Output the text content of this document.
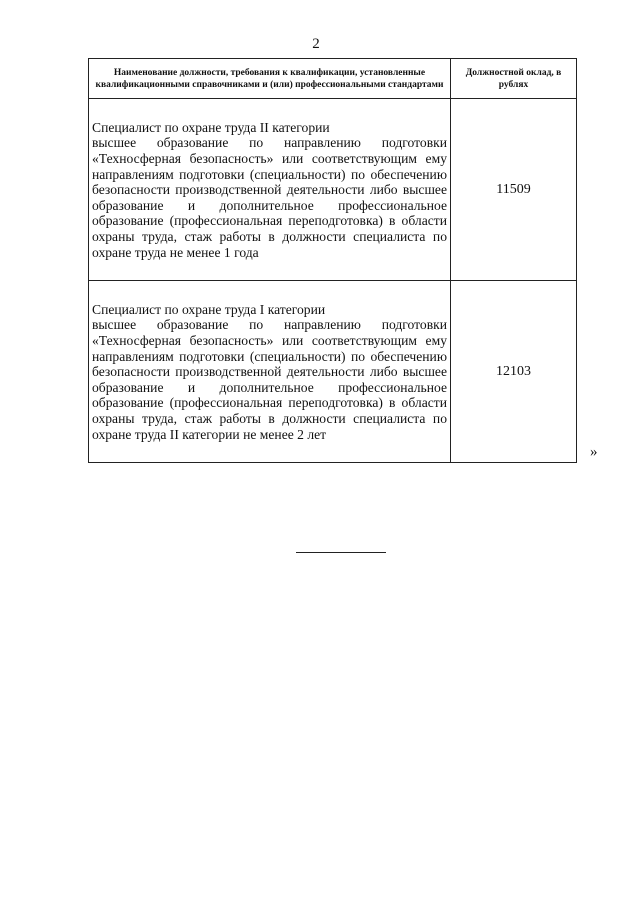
2
Наименование должности, требования к квалификации, установленные квалификационными справочниками и (или) профессиональными стандартами	Должностной оклад, в рублях

Специалист по охране труда II категории
высшее образование по направлению подготовки «Техносферная безопасность» или соответствующим ему направлениям подготовки (специальности) по обеспечению безопасности производственной деятельности либо высшее образование и дополнительное профессиональное образование (профессиональная переподготовка) в области охраны труда, стаж работы в должности специалиста по охране труда не менее 1 года	11509

Специалист по охране труда I категории
высшее образование по направлению подготовки «Техносферная безопасность» или соответствующим ему направлениям подготовки (специальности) по обеспечению безопасности производственной деятельности либо высшее образование и дополнительное профессиональное образование (профессиональная переподготовка) в области охраны труда, стаж работы в должности специалиста по охране труда II категории не менее 2 лет	12103
»
